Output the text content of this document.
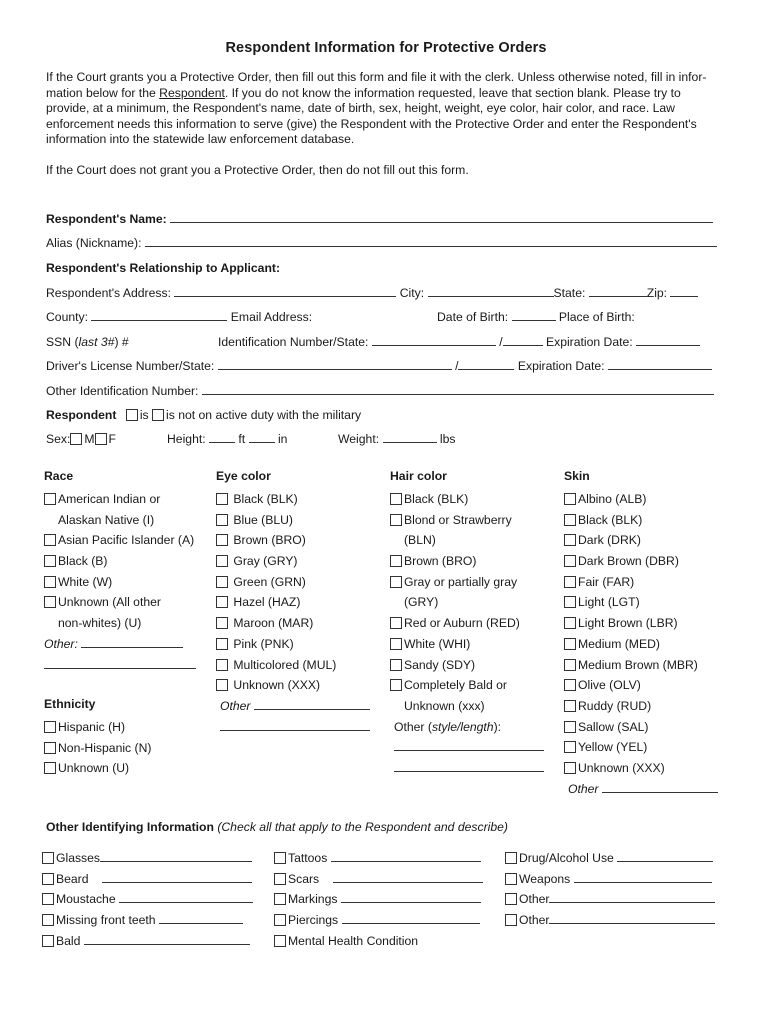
Respondent Information for Protective Orders

If the Court grants you a Protective Order, then fill out this form and file it with the clerk. Unless otherwise noted, fill in infor-mation below for the Respondent. If you do not know the information requested, leave that section blank. Please try to provide, at a minimum, the Respondent's name, date of birth, sex, height, weight, eye color, hair color, and race. Law enforcement needs this information to serve (give) the Respondent with the Protective Order and enter the Respondent's information into the statewide law enforcement database.

If the Court does not grant you a Protective Order, then do not fill out this form.

Respondent's Name:
Alias (Nickname):
Respondent's Relationship to Applicant:
Respondent's Address:	City:	State:	Zip:
County:	Email Address:	Date of Birth:	Place of Birth:
SSN (last 3#) #	Identification Number/State:	/	Expiration Date:
Driver's License Number/State:	/	Expiration Date:
Other Identification Number:
Respondent is is not on active duty with the military
Sex: M F	Height:	ft	in	Weight:	lbs
Race
American Indian or
Alaskan Native (I)
Asian Pacific Islander (A)
Black (B)
White (W)
Unknown (All other
non-whites) (U)
Other:
Ethnicity
Hispanic (H)
Non-Hispanic (N)
Unknown (U)
Eye color
Black (BLK)
Blue (BLU)
Brown (BRO)
Gray (GRY)
Green (GRN)
Hazel (HAZ)
Maroon (MAR)
Pink (PNK)
Multicolored (MUL)
Unknown (XXX)
Other
Hair color
Black (BLK)
Blond or Strawberry
(BLN)
Brown (BRO)
Gray or partially gray
(GRY)
Red or Auburn (RED)
White (WHI)
Sandy (SDY)
Completely Bald or
Unknown (xxx)
Other (style/length):
Skin
Albino (ALB)
Black (BLK)
Dark (DRK)
Dark Brown (DBR)
Fair (FAR)
Light (LGT)
Light Brown (LBR)
Medium (MED)
Medium Brown (MBR)
Olive (OLV)
Ruddy (RUD)
Sallow (SAL)
Yellow (YEL)
Unknown (XXX)
Other
Other Identifying Information (Check all that apply to the Respondent and describe)
Glasses
Beard
Moustache
Missing front teeth
Bald
Tattoos
Scars
Markings
Piercings
Mental Health Condition
Drug/Alcohol Use
Weapons
Other
Other
